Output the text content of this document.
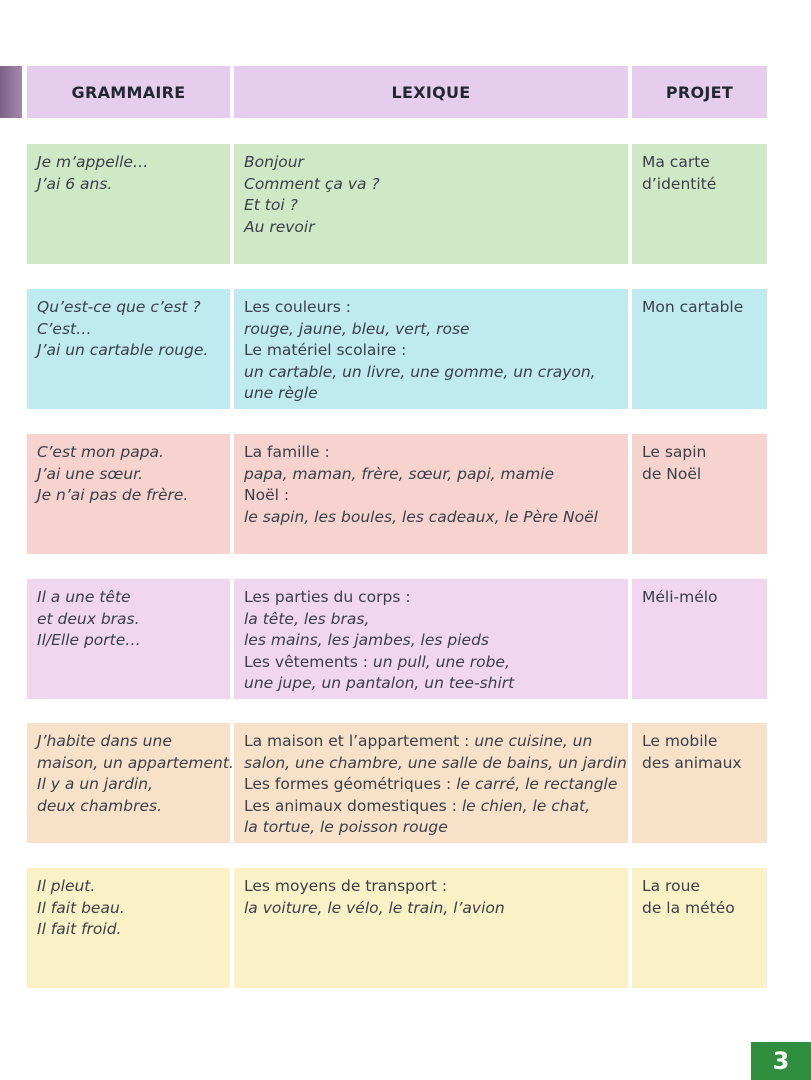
GRAMMAIRE	LEXIQUE	PROJET
Je m’appelle…
J’ai 6 ans.
Bonjour
Comment ça va ?
Et toi ?
Au revoir
Ma carte
d’identité
Qu’est-ce que c’est ?
C’est…
J’ai un cartable rouge.
Les couleurs :
rouge, jaune, bleu, vert, rose
Le matériel scolaire :
un cartable, un livre, une gomme, un crayon,
une règle
Mon cartable
C’est mon papa.
J’ai une sœur.
Je n’ai pas de frère.
La famille :
papa, maman, frère, sœur, papi, mamie
Noël :
le sapin, les boules, les cadeaux, le Père Noël
Le sapin
de Noël
Il a une tête
et deux bras.
Il/Elle porte…
Les parties du corps :
la tête, les bras,
les mains, les jambes, les pieds
Les vêtements : un pull, une robe,
une jupe, un pantalon, un tee-shirt
Méli-mélo
J’habite dans une
maison, un appartement.
Il y a un jardin,
deux chambres.
La maison et l’appartement : une cuisine, un
salon, une chambre, une salle de bains, un jardin
Les formes géométriques : le carré, le rectangle
Les animaux domestiques : le chien, le chat,
la tortue, le poisson rouge
Le mobile
des animaux
Il pleut.
Il fait beau.
Il fait froid.
Les moyens de transport :
la voiture, le vélo, le train, l’avion
La roue
de la météo
3
